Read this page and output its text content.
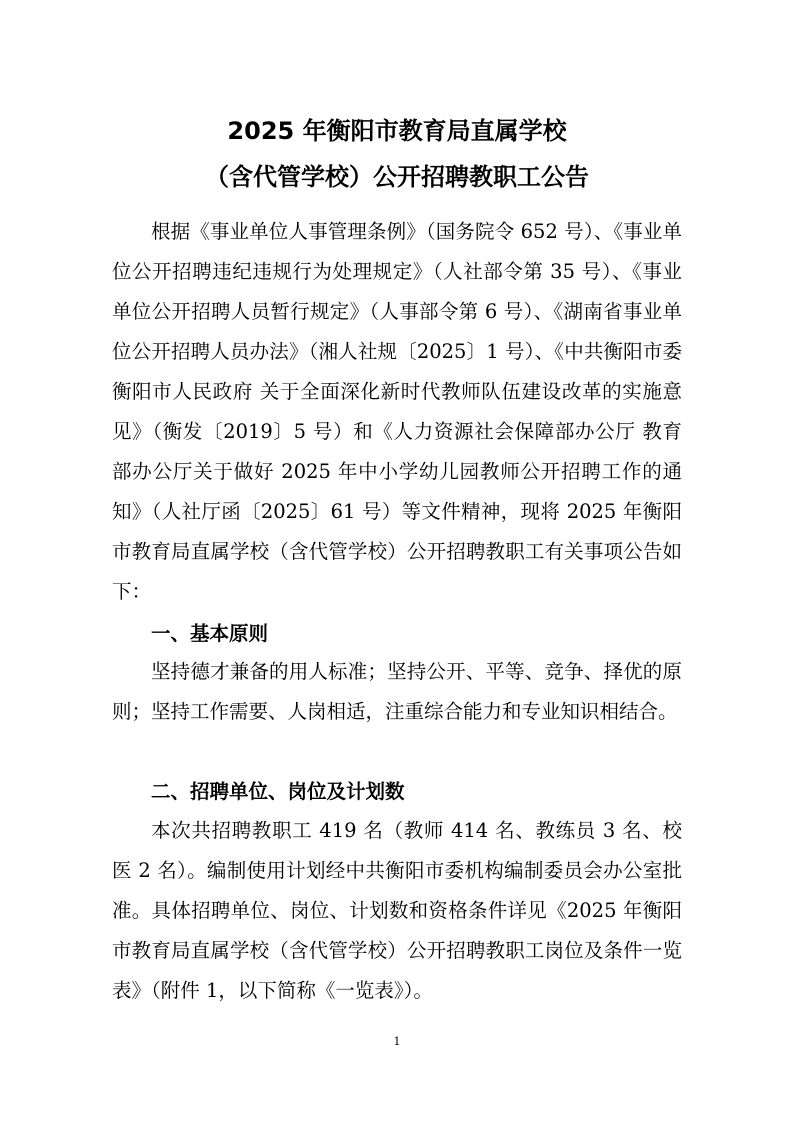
2025 年衡阳市教育局直属学校
（含代管学校）公开招聘教职工公告

根据《事业单位人事管理条例》（国务院令 652 号）、《事业单位公开招聘违纪违规行为处理规定》（人社部令第 35 号）、《事业单位公开招聘人员暂行规定》（人事部令第 6 号）、《湖南省事业单位公开招聘人员办法》（湘人社规〔2025〕1 号）、《中共衡阳市委 衡阳市人民政府 关于全面深化新时代教师队伍建设改革的实施意见》（衡发〔2019〕5 号）和《人力资源社会保障部办公厅 教育部办公厅关于做好 2025 年中小学幼儿园教师公开招聘工作的通知》（人社厅函〔2025〕61 号）等文件精神，现将 2025 年衡阳市教育局直属学校（含代管学校）公开招聘教职工有关事项公告如下：

一、基本原则

坚持德才兼备的用人标准；坚持公开、平等、竞争、择优的原则；坚持工作需要、人岗相适，注重综合能力和专业知识相结合。

二、招聘单位、岗位及计划数

本次共招聘教职工 419 名（教师 414 名、教练员 3 名、校医 2 名）。编制使用计划经中共衡阳市委机构编制委员会办公室批准。具体招聘单位、岗位、计划数和资格条件详见《2025 年衡阳市教育局直属学校（含代管学校）公开招聘教职工岗位及条件一览表》（附件 1，以下简称《一览表》）。

1
